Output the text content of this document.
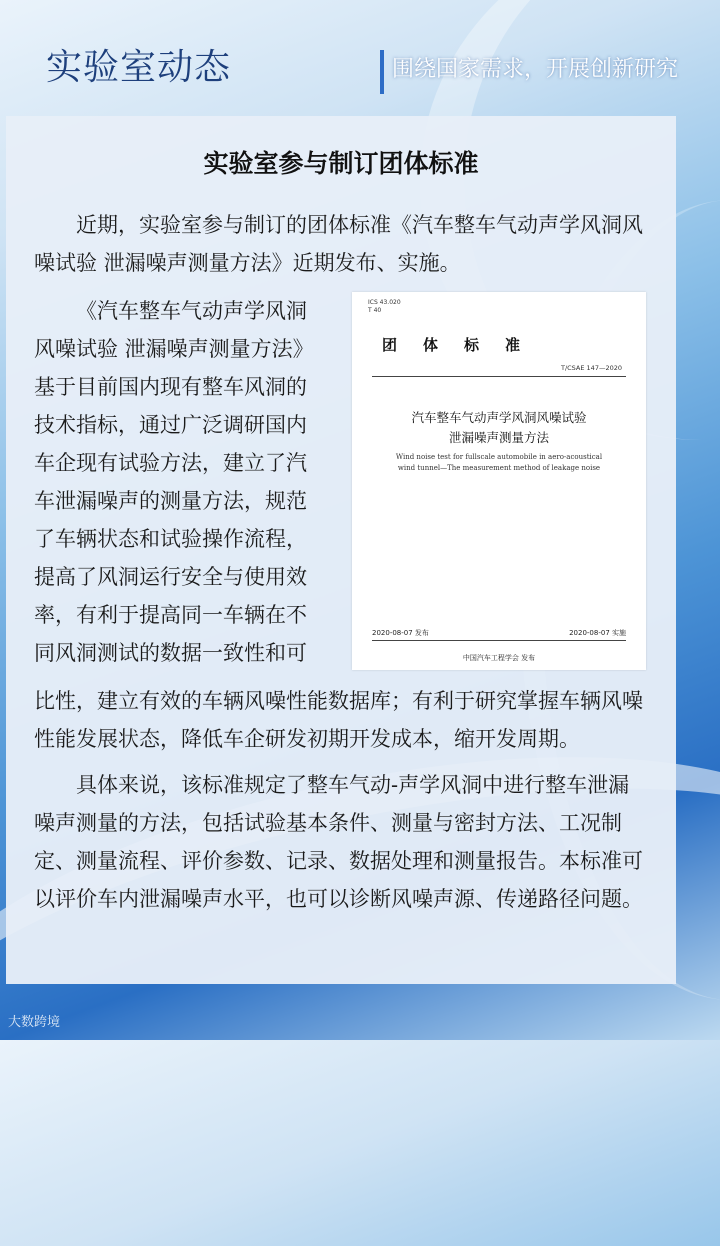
实验室动态	围绕国家需求，开展创新研究
实验室参与制订团体标准
近期，实验室参与制订的团体标准《汽车整车气动声学风洞风噪试验 泄漏噪声测量方法》近期发布、实施。
《汽车整车气动声学风洞风噪试验 泄漏噪声测量方法》基于目前国内现有整车风洞的技术指标，通过广泛调研国内车企现有试验方法，建立了汽车泄漏噪声的测量方法，规范了车辆状态和试验操作流程，提高了风洞运行安全与使用效率，有利于提高同一车辆在不同风洞测试的数据一致性和可
比性，建立有效的车辆风噪性能数据库；有利于研究掌握车辆风噪性能发展状态，降低车企研发初期开发成本，缩开发周期。
具体来说，该标准规定了整车气动-声学风洞中进行整车泄漏噪声测量的方法，包括试验基本条件、测量与密封方法、工况制定、测量流程、评价参数、记录、数据处理和测量报告。本标准可以评价车内泄漏噪声水平，也可以诊断风噪声源、传递路径问题。
ICS 43.020
T 40
团体标准
T/CSAE 147—2020
汽车整车气动声学风洞风噪试验
泄漏噪声测量方法
Wind noise test for fullscale automobile in aero-acoustical wind tunnel—The measurement method of leakage noise
2020-08-07 发布	2020-08-07 实施
中国汽车工程学会 发布
大数跨境
